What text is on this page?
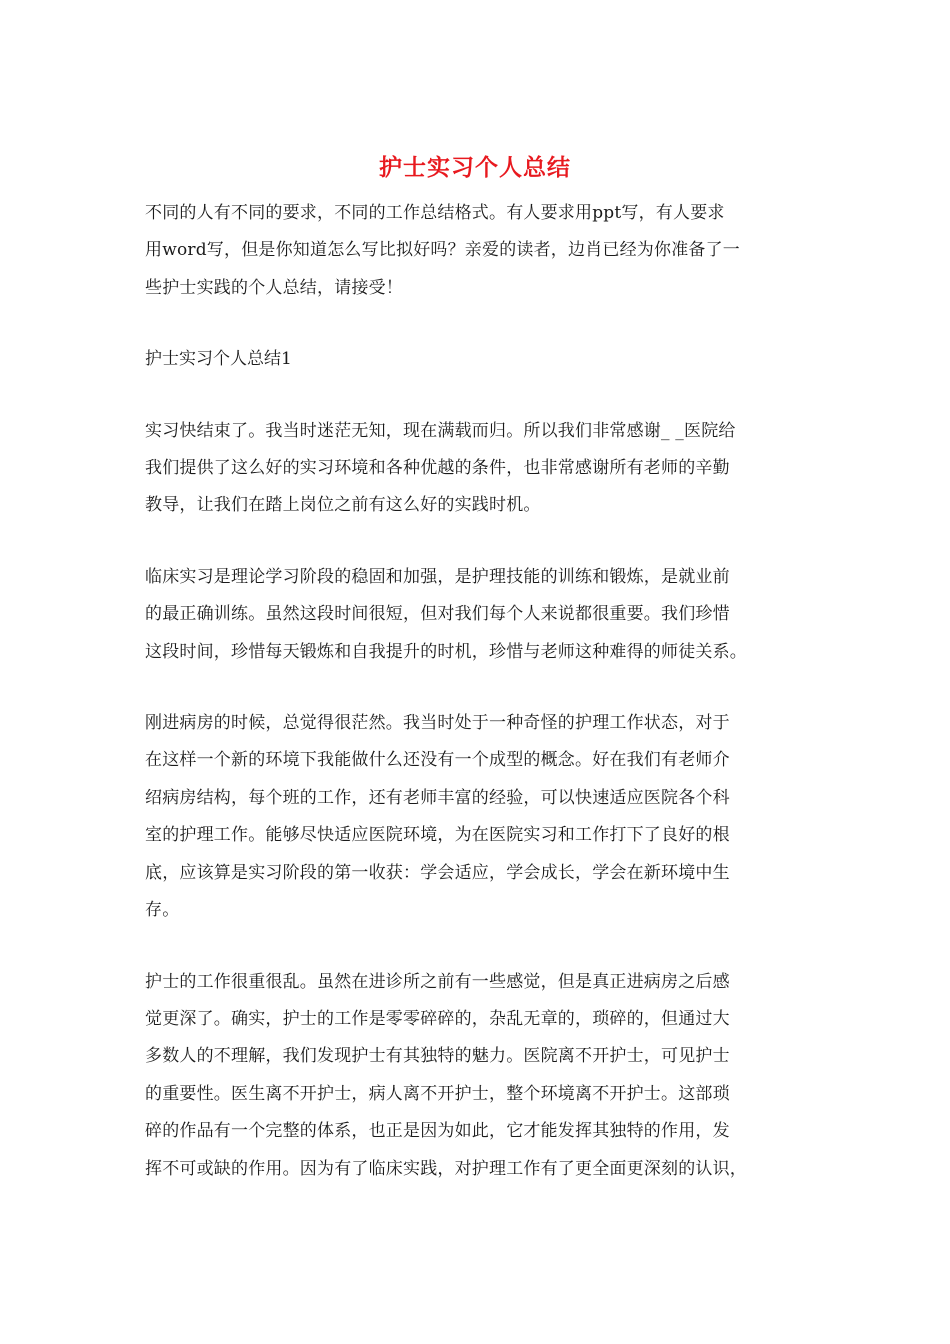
护士实习个人总结

不同的人有不同的要求，不同的工作总结格式。有人要求用ppt写，有人要求
用word写，但是你知道怎么写比拟好吗？亲爱的读者，边肖已经为你准备了一
些护士实践的个人总结，请接受！

护士实习个人总结1

实习快结束了。我当时迷茫无知，现在满载而归。所以我们非常感谢_ _医院给
我们提供了这么好的实习环境和各种优越的条件，也非常感谢所有老师的辛勤
教导，让我们在踏上岗位之前有这么好的实践时机。

临床实习是理论学习阶段的稳固和加强，是护理技能的训练和锻炼，是就业前
的最正确训练。虽然这段时间很短，但对我们每个人来说都很重要。我们珍惜
这段时间，珍惜每天锻炼和自我提升的时机，珍惜与老师这种难得的师徒关系。

刚进病房的时候，总觉得很茫然。我当时处于一种奇怪的护理工作状态，对于
在这样一个新的环境下我能做什么还没有一个成型的概念。好在我们有老师介
绍病房结构，每个班的工作，还有老师丰富的经验，可以快速适应医院各个科
室的护理工作。能够尽快适应医院环境，为在医院实习和工作打下了良好的根
底，应该算是实习阶段的第一收获：学会适应，学会成长，学会在新环境中生
存。

护士的工作很重很乱。虽然在进诊所之前有一些感觉，但是真正进病房之后感
觉更深了。确实，护士的工作是零零碎碎的，杂乱无章的，琐碎的，但通过大
多数人的不理解，我们发现护士有其独特的魅力。医院离不开护士，可见护士
的重要性。医生离不开护士，病人离不开护士，整个环境离不开护士。这部琐
碎的作品有一个完整的体系，也正是因为如此，它才能发挥其独特的作用，发
挥不可或缺的作用。因为有了临床实践，对护理工作有了更全面更深刻的认识，
